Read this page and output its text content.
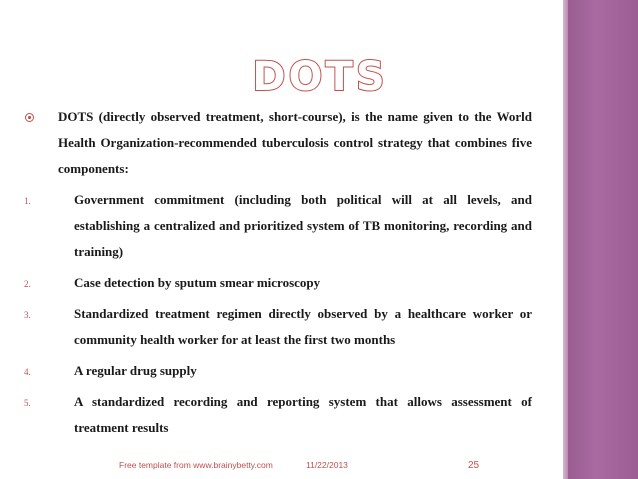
DOTS
DOTS (directly observed treatment, short-course), is the name given to the World Health Organization-recommended tuberculosis control strategy that combines five components:
1.	Government commitment (including both political will at all levels, and establishing a centralized and prioritized system of TB monitoring, recording and training)
2.	Case detection by sputum smear microscopy
3.	Standardized treatment regimen directly observed by a healthcare worker or community health worker for at least the first two months
4.	A regular drug supply
5.	A standardized recording and reporting system that allows assessment of treatment results
Free template from www.brainybetty.com	11/22/2013	25
